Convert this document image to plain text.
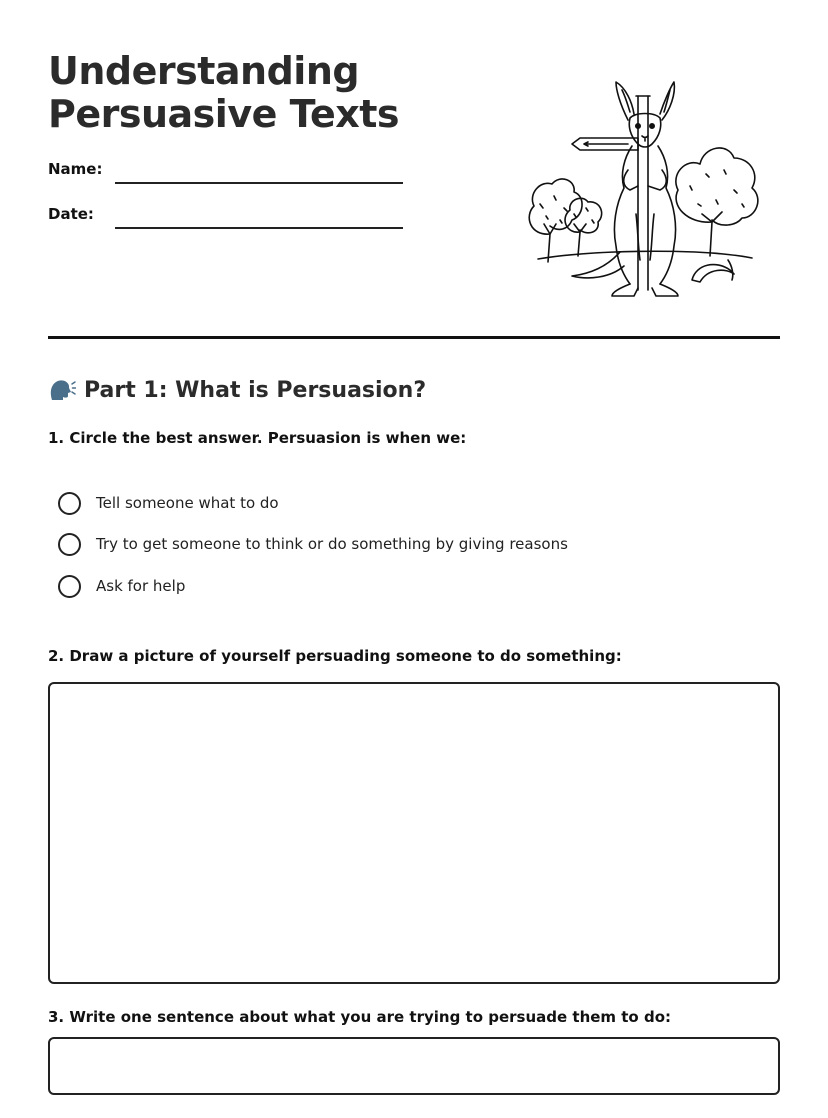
Understanding
Persuasive Texts
Name:
Date:
Part 1: What is Persuasion?

1. Circle the best answer. Persuasion is when we:

Tell someone what to do
Try to get someone to think or do something by giving reasons
Ask for help

2. Draw a picture of yourself persuading someone to do something:

3. Write one sentence about what you are trying to persuade them to do:
